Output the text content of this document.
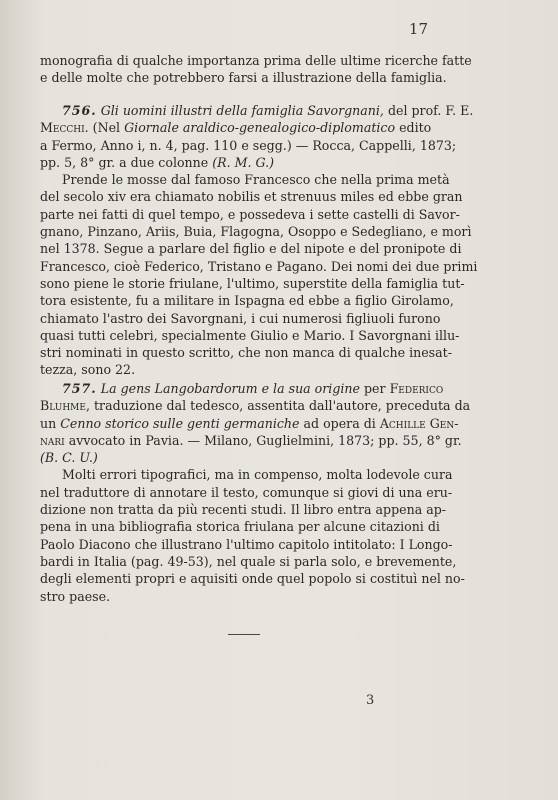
17
monografia di qualche importanza prima delle ultime ricerche fatte
e delle molte che potrebbero farsi a illustrazione della famiglia.
756. Gli uomini illustri della famiglia Savorgnani, del prof. F. E.
Mecchi. (Nel Giornale araldico-genealogico-diplomatico edito
a Fermo, Anno i, n. 4, pag. 110 e segg.) — Rocca, Cappelli, 1873;
pp. 5, 8° gr. a due colonne (R. M. G.)
Prende le mosse dal famoso Francesco che nella prima metà
del secolo xiv era chiamato nobilis et strenuus miles ed ebbe gran
parte nei fatti di quel tempo, e possedeva i sette castelli di Savor-
gnano, Pinzano, Ariis, Buia, Flagogna, Osoppo e Sedegliano, e morì
nel 1378. Segue a parlare del figlio e del nipote e del pronipote di
Francesco, cioè Federico, Tristano e Pagano. Dei nomi dei due primi
sono piene le storie friulane, l'ultimo, superstite della famiglia tut-
tora esistente, fu a militare in Ispagna ed ebbe a figlio Girolamo,
chiamato l'astro dei Savorgnani, i cui numerosi figliuoli furono
quasi tutti celebri, specialmente Giulio e Mario. I Savorgnani illu-
stri nominati in questo scritto, che non manca di qualche inesat-
tezza, sono 22.
757. La gens Langobardorum e la sua origine per Federico
Bluhme, traduzione dal tedesco, assentita dall'autore, preceduta da
un Cenno storico sulle genti germaniche ad opera di Achille Gen-
nari avvocato in Pavia. — Milano, Guglielmini, 1873; pp. 55, 8° gr.
(B. C. U.)
Molti errori tipografici, ma in compenso, molta lodevole cura
nel traduttore di annotare il testo, comunque si giovi di una eru-
dizione non tratta da più recenti studi. Il libro entra appena ap-
pena in una bibliografia storica friulana per alcune citazioni di
Paolo Diacono che illustrano l'ultimo capitolo intitolato: I Longo-
bardi in Italia (pag. 49-53), nel quale si parla solo, e brevemente,
degli elementi propri e aquisiti onde quel popolo si costituì nel no-
stro paese.
3
